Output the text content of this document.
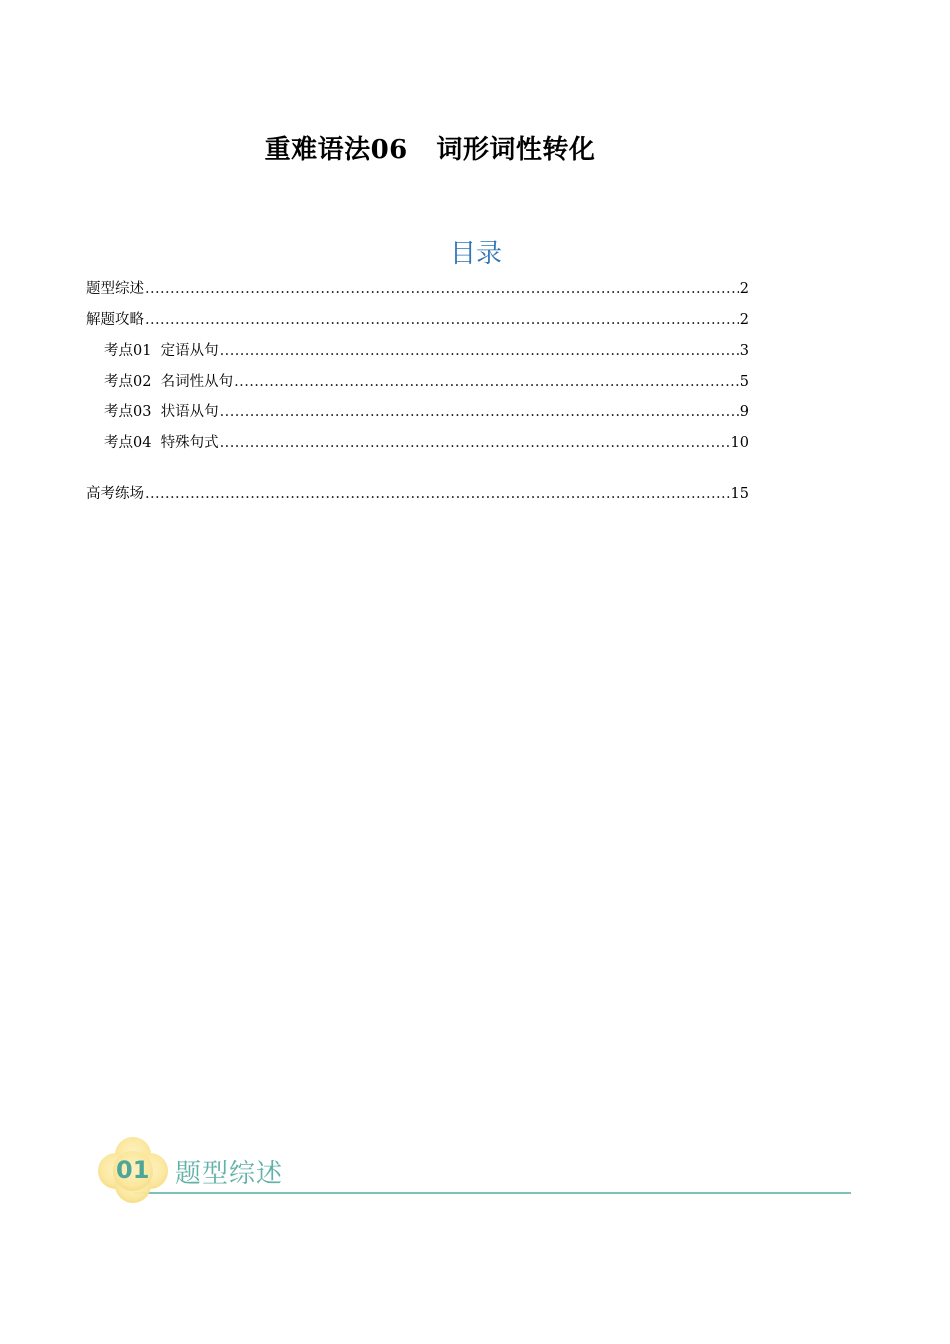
重难语法06   词形词性转化
目录
题型综述 .....	2
解题攻略 .....	2
考点01  定语从句 .....	3
考点02  名词性从句 .....	5
考点03  状语从句 .....	9
考点04  特殊句式 .....	10
高考练场 .....	15
01 题型综述
